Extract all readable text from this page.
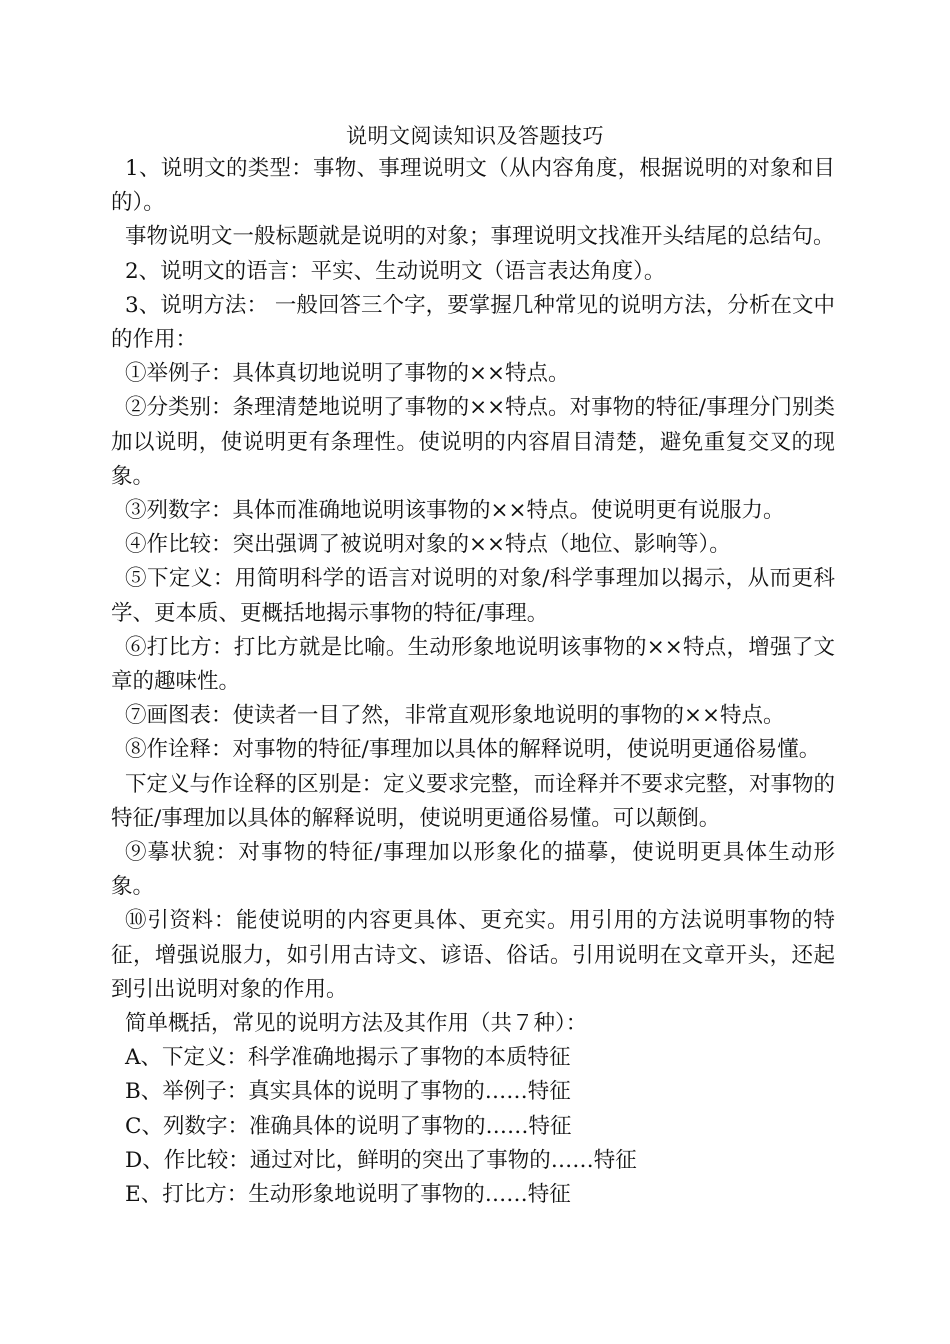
说明文阅读知识及答题技巧

1、说明文的类型：事物、事理说明文（从内容角度，根据说明的对象和目的）。

事物说明文一般标题就是说明的对象；事理说明文找准开头结尾的总结句。

2、说明文的语言：平实、生动说明文（语言表达角度）。

3、说明方法： 一般回答三个字，要掌握几种常见的说明方法，分析在文中的作用：

①举例子：具体真切地说明了事物的××特点。

②分类别：条理清楚地说明了事物的××特点。对事物的特征/事理分门别类加以说明，使说明更有条理性。使说明的内容眉目清楚，避免重复交叉的现象。

③列数字：具体而准确地说明该事物的××特点。使说明更有说服力。

④作比较：突出强调了被说明对象的××特点（地位、影响等）。

⑤下定义：用简明科学的语言对说明的对象/科学事理加以揭示，从而更科学、更本质、更概括地揭示事物的特征/事理。

⑥打比方：打比方就是比喻。生动形象地说明该事物的××特点，增强了文章的趣味性。

⑦画图表：使读者一目了然，非常直观形象地说明的事物的××特点。

⑧作诠释：对事物的特征/事理加以具体的解释说明，使说明更通俗易懂。

下定义与作诠释的区别是：定义要求完整，而诠释并不要求完整，对事物的特征/事理加以具体的解释说明，使说明更通俗易懂。可以颠倒。

⑨摹状貌：对事物的特征/事理加以形象化的描摹，使说明更具体生动形象。

⑩引资料：能使说明的内容更具体、更充实。用引用的方法说明事物的特征，增强说服力，如引用古诗文、谚语、俗话。引用说明在文章开头，还起到引出说明对象的作用。

简单概括，常见的说明方法及其作用（共７种）：

A、下定义：科学准确地揭示了事物的本质特征

B、举例子：真实具体的说明了事物的……特征

C、列数字：准确具体的说明了事物的……特征

D、作比较：通过对比，鲜明的突出了事物的……特征

E、打比方：生动形象地说明了事物的……特征
